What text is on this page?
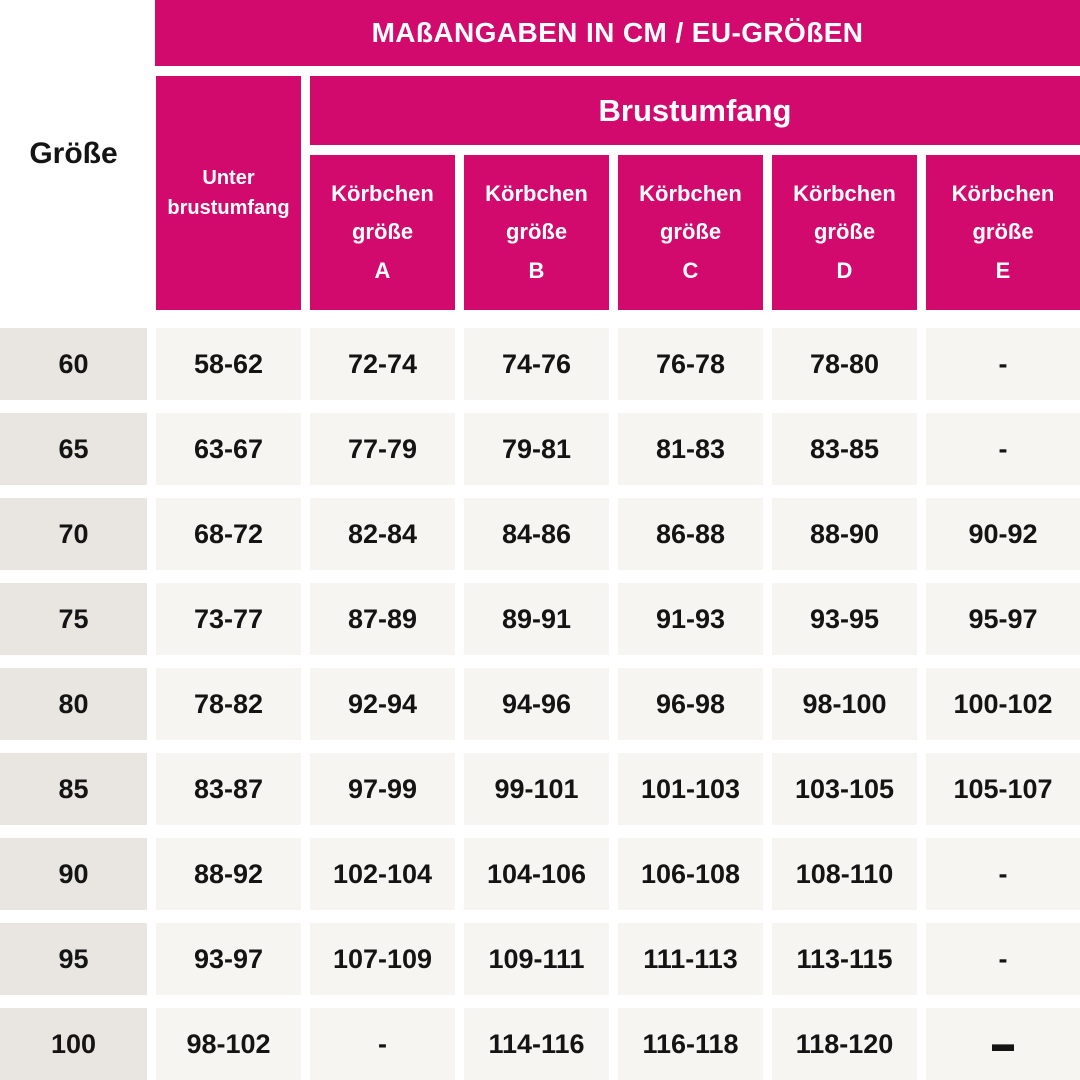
MAßANGABEN IN CM / EU-GRÖßEN
Größe
Unter
brustumfang
Brustumfang
Körbchen
größe
A
Körbchen
größe
B
Körbchen
größe
C
Körbchen
größe
D
Körbchen
größe
E
60	58-62	72-74	74-76	76-78	78-80	-
65	63-67	77-79	79-81	81-83	83-85	-
70	68-72	82-84	84-86	86-88	88-90	90-92
75	73-77	87-89	89-91	91-93	93-95	95-97
80	78-82	92-94	94-96	96-98	98-100	100-102
85	83-87	97-99	99-101	101-103	103-105	105-107
90	88-92	102-104	104-106	106-108	108-110	-
95	93-97	107-109	109-111	111-113	113-115	-
100	98-102	-	114-116	116-118	118-120	▬
